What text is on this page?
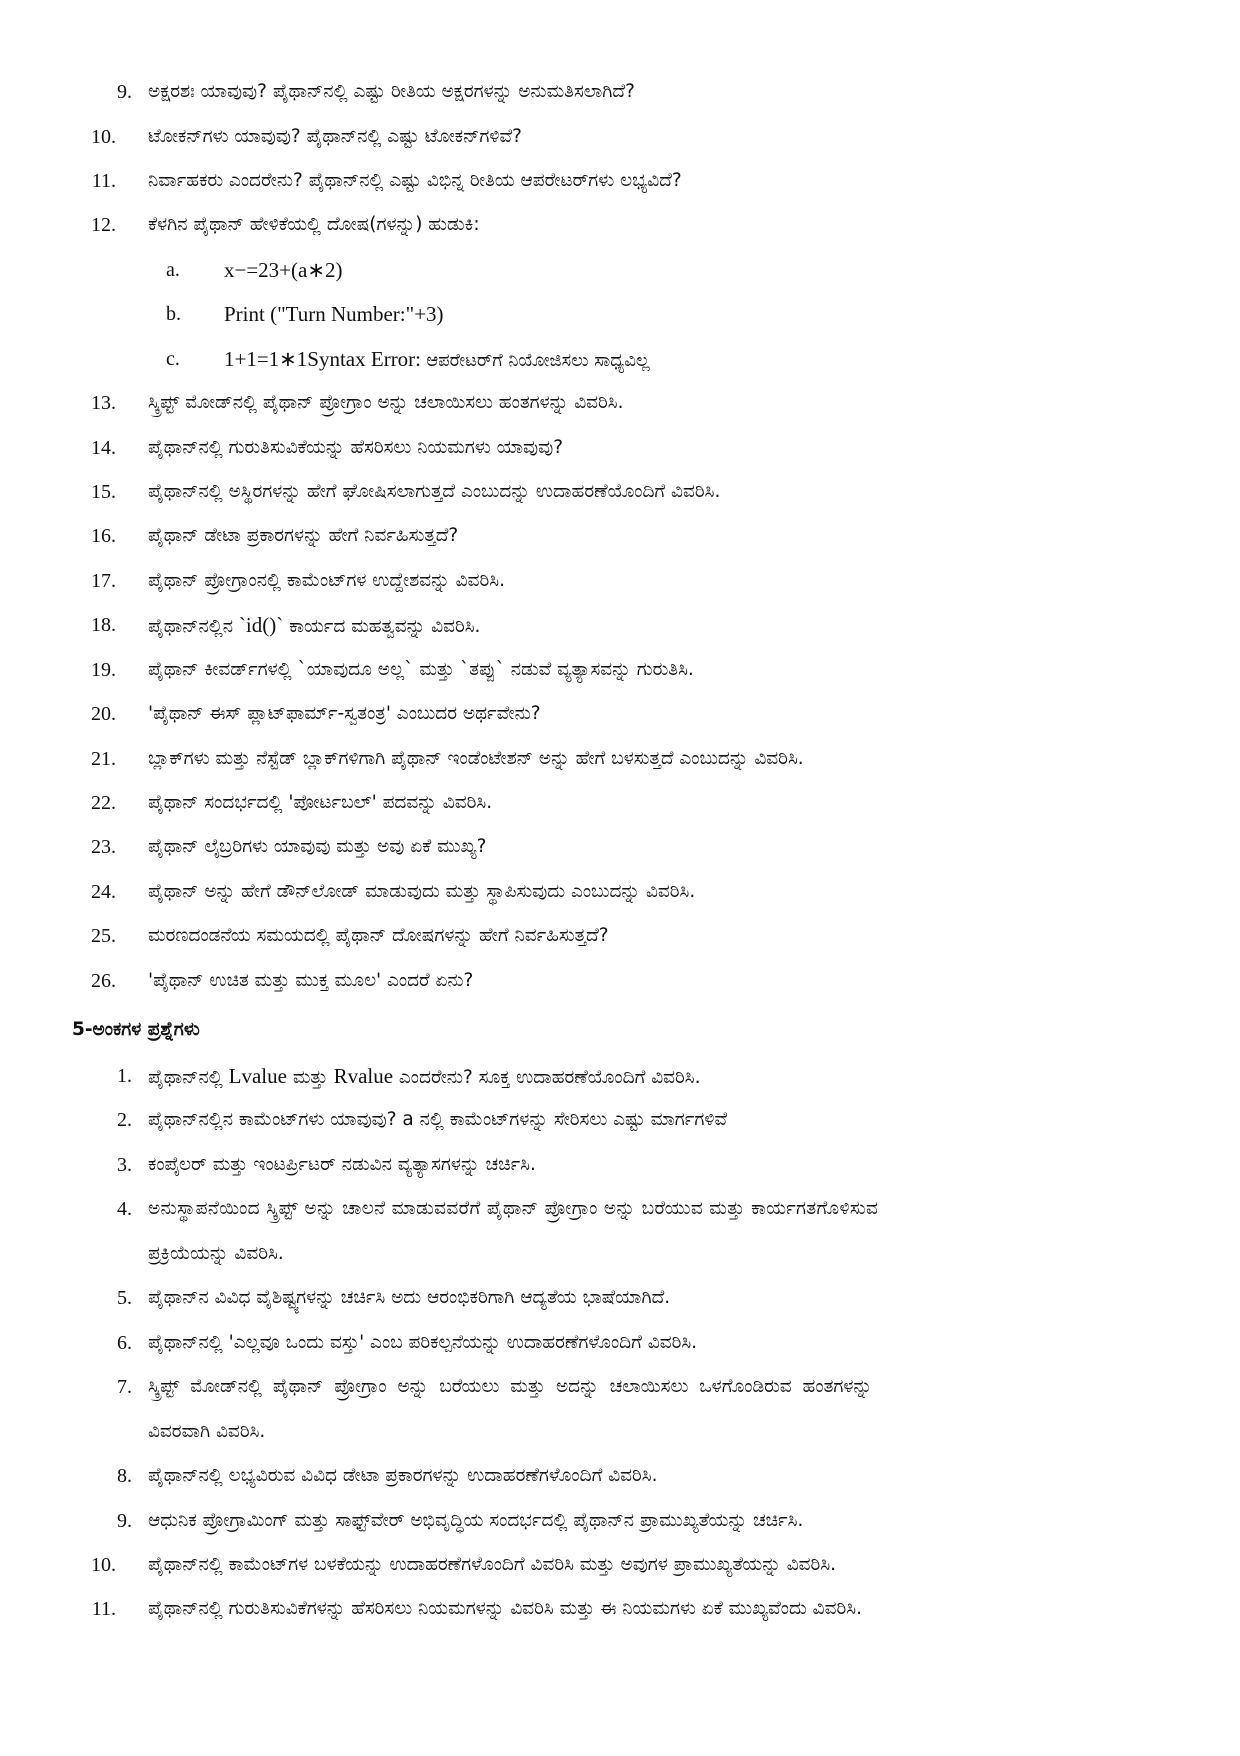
9. ಅಕ್ಷರಶಃ ಯಾವುವು? ಪೈಥಾನ್‌ನಲ್ಲಿ ಎಷ್ಟು ರೀತಿಯ ಅಕ್ಷರಗಳನ್ನು ಅನುಮತಿಸಲಾಗಿದೆ?
10. ಟೋಕನ್‌ಗಳು ಯಾವುವು? ಪೈಥಾನ್‌ನಲ್ಲಿ ಎಷ್ಟು ಟೋಕನ್‌ಗಳಿವೆ?
11. ನಿರ್ವಾಹಕರು ಎಂದರೇನು? ಪೈಥಾನ್‌ನಲ್ಲಿ ಎಷ್ಟು ವಿಭಿನ್ನ ರೀತಿಯ ಆಪರೇಟರ್‌ಗಳು ಲಭ್ಯವಿದೆ?
12. ಕೆಳಗಿನ ಪೈಥಾನ್ ಹೇಳಿಕೆಯಲ್ಲಿ ದೋಷ(ಗಳನ್ನು) ಹುಡುಕಿ:
a.	x−=23+(a∗2)
b.	Print ("Turn Number:"+3)
c.	1+1=1∗1Syntax Error: ಆಪರೇಟರ್‌ಗೆ ನಿಯೋಜಿಸಲು ಸಾಧ್ಯವಿಲ್ಲ
13. ಸ್ಕ್ರಿಪ್ಟ್ ಮೋಡ್‌ನಲ್ಲಿ ಪೈಥಾನ್ ಪ್ರೋಗ್ರಾಂ ಅನ್ನು ಚಲಾಯಿಸಲು ಹಂತಗಳನ್ನು ವಿವರಿಸಿ.
14. ಪೈಥಾನ್‌ನಲ್ಲಿ ಗುರುತಿಸುವಿಕೆಯನ್ನು ಹೆಸರಿಸಲು ನಿಯಮಗಳು ಯಾವುವು?
15. ಪೈಥಾನ್‌ನಲ್ಲಿ ಅಸ್ಥಿರಗಳನ್ನು ಹೇಗೆ ಘೋಷಿಸಲಾಗುತ್ತದೆ ಎಂಬುದನ್ನು ಉದಾಹರಣೆಯೊಂದಿಗೆ ವಿವರಿಸಿ.
16. ಪೈಥಾನ್ ಡೇಟಾ ಪ್ರಕಾರಗಳನ್ನು ಹೇಗೆ ನಿರ್ವಹಿಸುತ್ತದೆ?
17. ಪೈಥಾನ್ ಪ್ರೋಗ್ರಾಂನಲ್ಲಿ ಕಾಮೆಂಟ್‌ಗಳ ಉದ್ದೇಶವನ್ನು ವಿವರಿಸಿ.
18. ಪೈಥಾನ್‌ನಲ್ಲಿನ `id()` ಕಾರ್ಯದ ಮಹತ್ವವನ್ನು ವಿವರಿಸಿ.
19. ಪೈಥಾನ್ ಕೀವರ್ಡ್‌ಗಳಲ್ಲಿ `ಯಾವುದೂ ಅಲ್ಲ` ಮತ್ತು `ತಪ್ಪು` ನಡುವೆ ವ್ಯತ್ಯಾಸವನ್ನು ಗುರುತಿಸಿ.
20. 'ಪೈಥಾನ್ ಈಸ್ ಪ್ಲಾಟ್‌ಫಾರ್ಮ್-ಸ್ವತಂತ್ರ' ಎಂಬುದರ ಅರ್ಥವೇನು?
21. ಬ್ಲಾಕ್‌ಗಳು ಮತ್ತು ನೆಸ್ಟೆಡ್ ಬ್ಲಾಕ್‌ಗಳಿಗಾಗಿ ಪೈಥಾನ್ ಇಂಡೆಂಟೇಶನ್ ಅನ್ನು ಹೇಗೆ ಬಳಸುತ್ತದೆ ಎಂಬುದನ್ನು ವಿವರಿಸಿ.
22. ಪೈಥಾನ್ ಸಂದರ್ಭದಲ್ಲಿ 'ಪೋರ್ಟಬಲ್' ಪದವನ್ನು ವಿವರಿಸಿ.
23. ಪೈಥಾನ್ ಲೈಬ್ರರಿಗಳು ಯಾವುವು ಮತ್ತು ಅವು ಏಕೆ ಮುಖ್ಯ?
24. ಪೈಥಾನ್ ಅನ್ನು ಹೇಗೆ ಡೌನ್‌ಲೋಡ್ ಮಾಡುವುದು ಮತ್ತು ಸ್ಥಾಪಿಸುವುದು ಎಂಬುದನ್ನು ವಿವರಿಸಿ.
25. ಮರಣದಂಡನೆಯ ಸಮಯದಲ್ಲಿ ಪೈಥಾನ್ ದೋಷಗಳನ್ನು ಹೇಗೆ ನಿರ್ವಹಿಸುತ್ತದೆ?
26. 'ಪೈಥಾನ್ ಉಚಿತ ಮತ್ತು ಮುಕ್ತ ಮೂಲ' ಎಂದರೆ ಏನು?
5-ಅಂಕಗಳ ಪ್ರಶ್ನೆಗಳು
1. ಪೈಥಾನ್‌ನಲ್ಲಿ Lvalue ಮತ್ತು Rvalue ಎಂದರೇನು? ಸೂಕ್ತ ಉದಾಹರಣೆಯೊಂದಿಗೆ ವಿವರಿಸಿ.
2. ಪೈಥಾನ್‌ನಲ್ಲಿನ ಕಾಮೆಂಟ್‌ಗಳು ಯಾವುವು? a ನಲ್ಲಿ ಕಾಮೆಂಟ್‌ಗಳನ್ನು ಸೇರಿಸಲು ಎಷ್ಟು ಮಾರ್ಗಗಳಿವೆ
3. ಕಂಪೈಲರ್ ಮತ್ತು ಇಂಟರ್ಪ್ರಿಟರ್ ನಡುವಿನ ವ್ಯತ್ಯಾಸಗಳನ್ನು ಚರ್ಚಿಸಿ.
4. ಅನುಸ್ಥಾಪನೆಯಿಂದ ಸ್ಕ್ರಿಪ್ಟ್ ಅನ್ನು ಚಾಲನೆ ಮಾಡುವವರೆಗೆ ಪೈಥಾನ್ ಪ್ರೋಗ್ರಾಂ ಅನ್ನು ಬರೆಯುವ ಮತ್ತು ಕಾರ್ಯಗತಗೊಳಿಸುವ
ಪ್ರಕ್ರಿಯೆಯನ್ನು ವಿವರಿಸಿ.
5. ಪೈಥಾನ್‌ನ ವಿವಿಧ ವೈಶಿಷ್ಟ್ಯಗಳನ್ನು ಚರ್ಚಿಸಿ ಅದು ಆರಂಭಿಕರಿಗಾಗಿ ಆದ್ಯತೆಯ ಭಾಷೆಯಾಗಿದೆ.
6. ಪೈಥಾನ್‌ನಲ್ಲಿ 'ಎಲ್ಲವೂ ಒಂದು ವಸ್ತು' ಎಂಬ ಪರಿಕಲ್ಪನೆಯನ್ನು ಉದಾಹರಣೆಗಳೊಂದಿಗೆ ವಿವರಿಸಿ.
7. ಸ್ಕ್ರಿಪ್ಟ್ ಮೋಡ್‌ನಲ್ಲಿ ಪೈಥಾನ್ ಪ್ರೋಗ್ರಾಂ ಅನ್ನು ಬರೆಯಲು ಮತ್ತು ಅದನ್ನು ಚಲಾಯಿಸಲು ಒಳಗೊಂಡಿರುವ ಹಂತಗಳನ್ನು
ವಿವರವಾಗಿ ವಿವರಿಸಿ.
8. ಪೈಥಾನ್‌ನಲ್ಲಿ ಲಭ್ಯವಿರುವ ವಿವಿಧ ಡೇಟಾ ಪ್ರಕಾರಗಳನ್ನು ಉದಾಹರಣೆಗಳೊಂದಿಗೆ ವಿವರಿಸಿ.
9. ಆಧುನಿಕ ಪ್ರೋಗ್ರಾಮಿಂಗ್ ಮತ್ತು ಸಾಫ್ಟ್‌ವೇರ್ ಅಭಿವೃದ್ಧಿಯ ಸಂದರ್ಭದಲ್ಲಿ ಪೈಥಾನ್‌ನ ಪ್ರಾಮುಖ್ಯತೆಯನ್ನು ಚರ್ಚಿಸಿ.
10. ಪೈಥಾನ್‌ನಲ್ಲಿ ಕಾಮೆಂಟ್‌ಗಳ ಬಳಕೆಯನ್ನು ಉದಾಹರಣೆಗಳೊಂದಿಗೆ ವಿವರಿಸಿ ಮತ್ತು ಅವುಗಳ ಪ್ರಾಮುಖ್ಯತೆಯನ್ನು ವಿವರಿಸಿ.
11. ಪೈಥಾನ್‌ನಲ್ಲಿ ಗುರುತಿಸುವಿಕೆಗಳನ್ನು ಹೆಸರಿಸಲು ನಿಯಮಗಳನ್ನು ವಿವರಿಸಿ ಮತ್ತು ಈ ನಿಯಮಗಳು ಏಕೆ ಮುಖ್ಯವೆಂದು ವಿವರಿಸಿ.
